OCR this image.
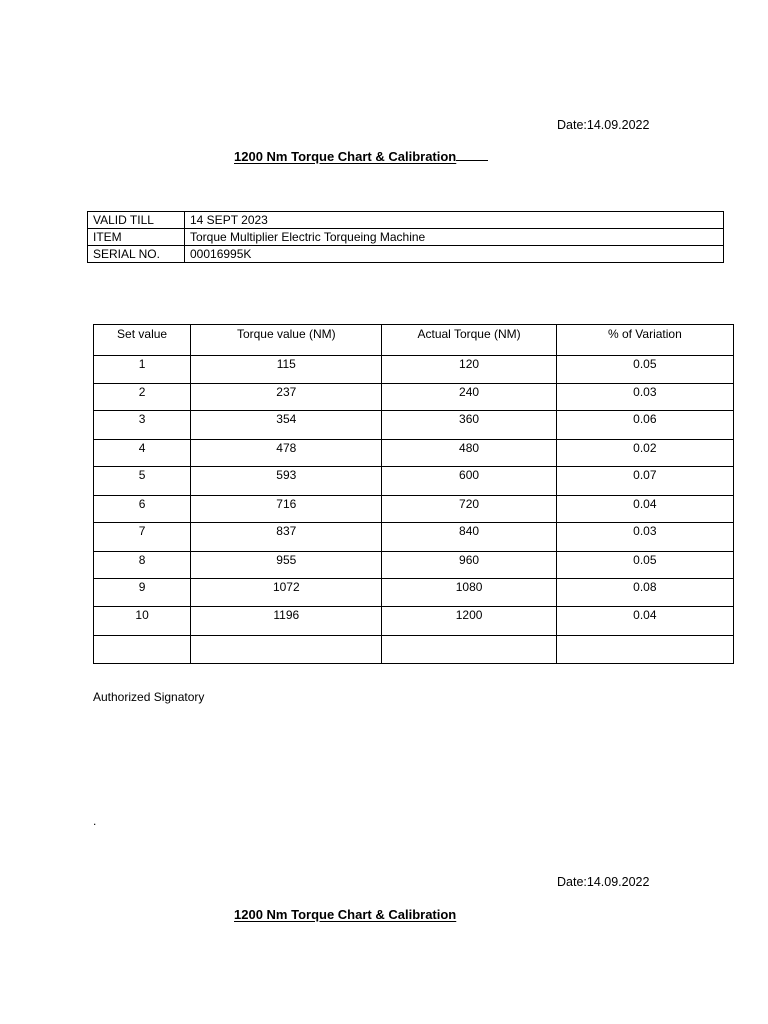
Date:14.09.2022
1200 Nm Torque Chart & Calibration
VALID TILL	14 SEPT 2023
ITEM	Torque Multiplier Electric Torqueing Machine
SERIAL NO.	00016995K
Set value	Torque value (NM)	Actual Torque (NM)	% of Variation
1	115	120	0.05
2	237	240	0.03
3	354	360	0.06
4	478	480	0.02
5	593	600	0.07
6	716	720	0.04
7	837	840	0.03
8	955	960	0.05
9	1072	1080	0.08
10	1196	1200	0.04

Authorized Signatory
.
Date:14.09.2022
1200 Nm Torque Chart & Calibration
